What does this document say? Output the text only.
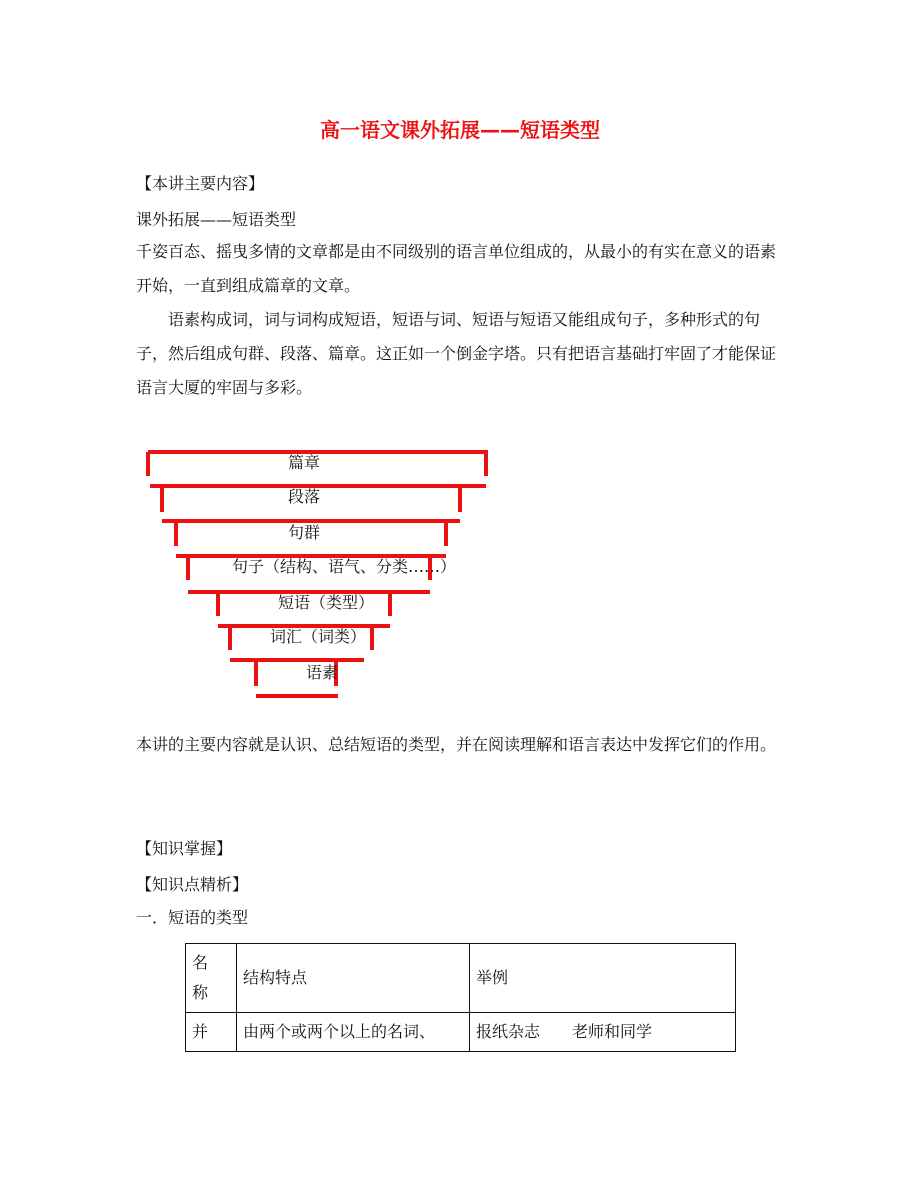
高一语文课外拓展——短语类型
【本讲主要内容】
课外拓展——短语类型
千姿百态、摇曳多情的文章都是由不同级别的语言单位组成的，从最小的有实在意义的语素开始，一直到组成篇章的文章。
语素构成词，词与词构成短语，短语与词、短语与短语又能组成句子，多种形式的句子，然后组成句群、段落、篇章。这正如一个倒金字塔。只有把语言基础打牢固了才能保证语言大厦的牢固与多彩。
篇章
段落
句群
句子（结构、语气、分类……）
短语（类型）
词汇（词类）
语素
本讲的主要内容就是认识、总结短语的类型，并在阅读理解和语言表达中发挥它们的作用。
【知识掌握】
【知识点精析】
一．短语的类型
名称	结构特点	举例
并	由两个或两个以上的名词、	报纸杂志　　老师和同学
